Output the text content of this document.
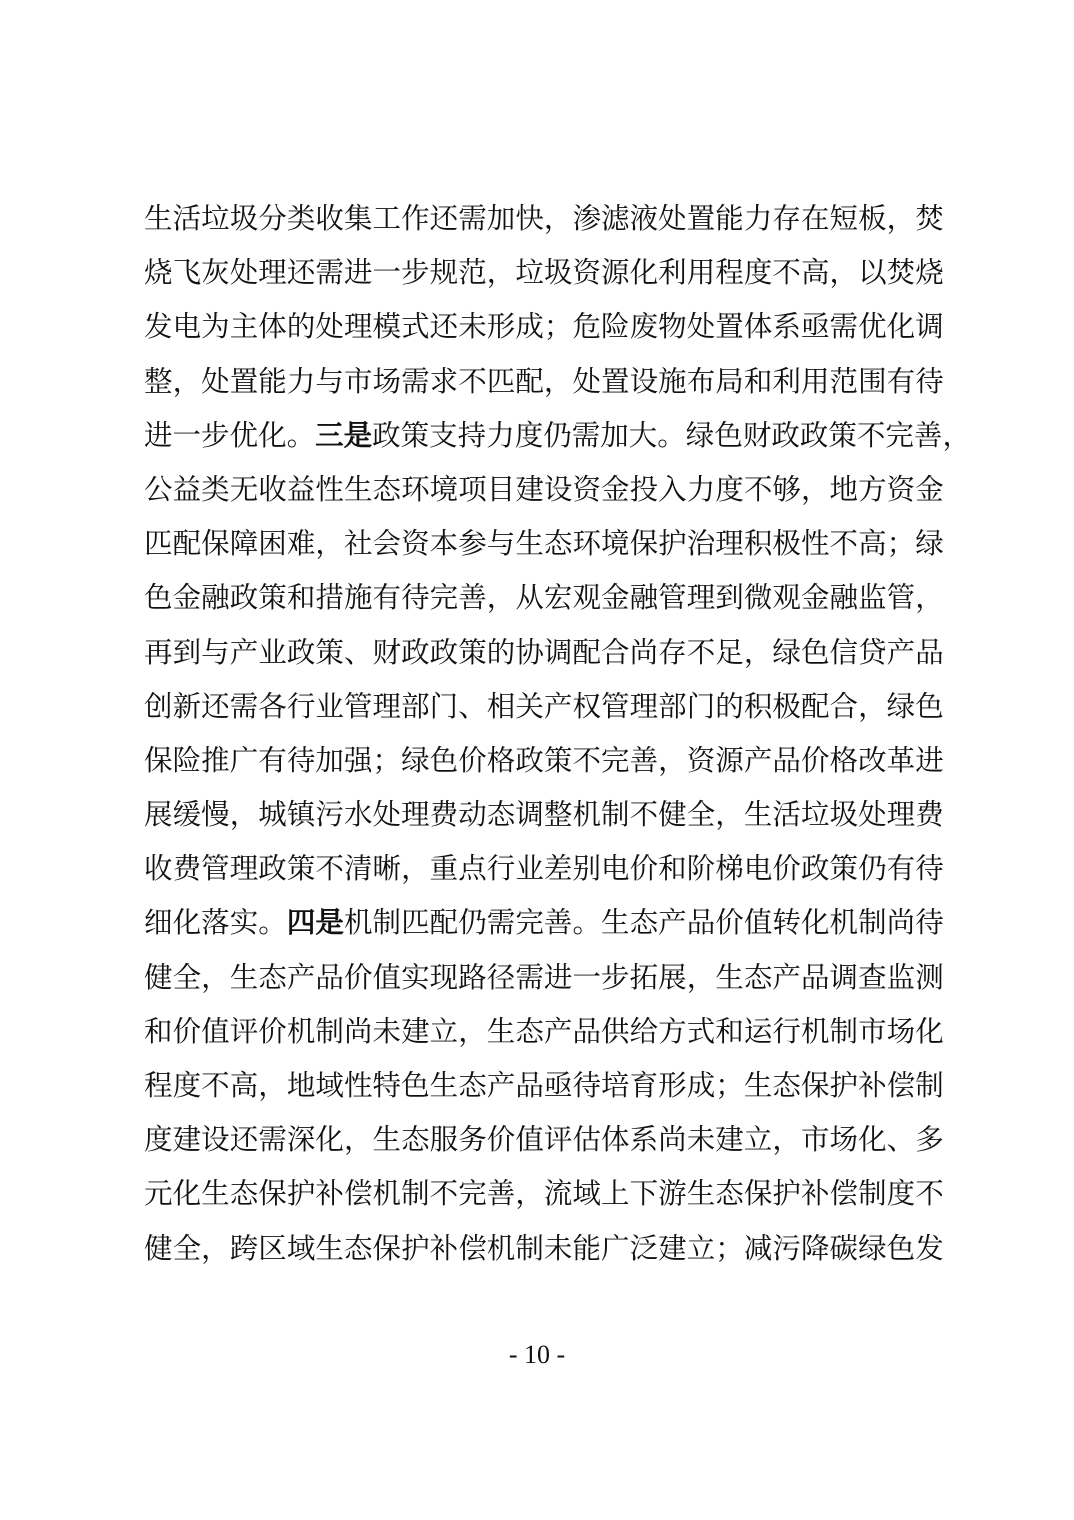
生 活 垃 圾 分 类 收 集 工 作 还 需 加 快 ， 渗 滤 液 处 置 能 力 存 在 短 板 ， 焚
烧 飞 灰 处 理 还 需 进 一 步 规 范 ， 垃 圾 资 源 化 利 用 程 度 不 高 ， 以 焚 烧
发 电 为 主 体 的 处 理 模 式 还 未 形 成 ； 危 险 废 物 处 置 体 系 亟 需 优 化 调
整 ， 处 置 能 力 与 市 场 需 求 不 匹 配 ， 处 置 设 施 布 局 和 利 用 范 围 有 待
进 一 步 优 化 。 三 是 政 策 支 持 力 度 仍 需 加 大 。 绿 色 财 政 政 策 不 完 善 ，
公 益 类 无 收 益 性 生 态 环 境 项 目 建 设 资 金 投 入 力 度 不 够 ， 地 方 资 金
匹 配 保 障 困 难 ， 社 会 资 本 参 与 生 态 环 境 保 护 治 理 积 极 性 不 高 ； 绿
色 金 融 政 策 和 措 施 有 待 完 善 ， 从 宏 观 金 融 管 理 到 微 观 金 融 监 管 ，
再 到 与 产 业 政 策 、 财 政 政 策 的 协 调 配 合 尚 存 不 足 ， 绿 色 信 贷 产 品
创 新 还 需 各 行 业 管 理 部 门 、 相 关 产 权 管 理 部 门 的 积 极 配 合 ， 绿 色
保 险 推 广 有 待 加 强 ； 绿 色 价 格 政 策 不 完 善 ， 资 源 产 品 价 格 改 革 进
展 缓 慢 ， 城 镇 污 水 处 理 费 动 态 调 整 机 制 不 健 全 ， 生 活 垃 圾 处 理 费
收 费 管 理 政 策 不 清 晰 ， 重 点 行 业 差 别 电 价 和 阶 梯 电 价 政 策 仍 有 待
细 化 落 实 。 四 是 机 制 匹 配 仍 需 完 善 。 生 态 产 品 价 值 转 化 机 制 尚 待
健 全 ， 生 态 产 品 价 值 实 现 路 径 需 进 一 步 拓 展 ， 生 态 产 品 调 查 监 测
和 价 值 评 价 机 制 尚 未 建 立 ， 生 态 产 品 供 给 方 式 和 运 行 机 制 市 场 化
程 度 不 高 ， 地 域 性 特 色 生 态 产 品 亟 待 培 育 形 成 ； 生 态 保 护 补 偿 制
度 建 设 还 需 深 化 ， 生 态 服 务 价 值 评 估 体 系 尚 未 建 立 ， 市 场 化 、 多
元 化 生 态 保 护 补 偿 机 制 不 完 善 ， 流 域 上 下 游 生 态 保 护 补 偿 制 度 不
健 全 ， 跨 区 域 生 态 保 护 补 偿 机 制 未 能 广 泛 建 立 ； 减 污 降 碳 绿 色 发
- 10 -
